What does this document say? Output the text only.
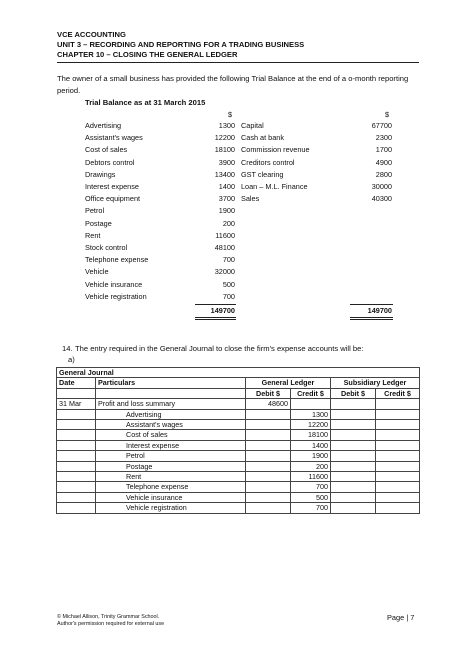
VCE ACCOUNTING
UNIT 3 – RECORDING AND REPORTING FOR A TRADING BUSINESS
CHAPTER 10 – CLOSING THE GENERAL LEDGER
The owner of a small business has provided the following Trial Balance at the end of a o-month reporting period.
Trial Balance as at 31 March 2015
$	$
Advertising	1300
Assistant's wages	12200
Cost of sales	18100
Debtors control	3900
Drawings	13400
Interest expense	1400
Office equipment	3700
Petrol	1900
Postage	200
Rent	11600
Stock control	48100
Telephone expense	700
Vehicle	32000
Vehicle insurance	500
Vehicle registration	700
Capital	67700
Cash at bank	2300
Commission revenue	1700
Creditors control	4900
GST clearing	2800
Loan – M.L. Finance	30000
Sales	40300
149700	149700
14. The entry required in the General Journal to close the firm's expense accounts will be:
a)
General Journal					
Date	Particulars	General Ledger		Subsidiary Ledger	
		Debit $	Credit $	Debit $	Credit $
31 Mar	Profit and loss summary	48600			
	Advertising		1300		
	Assistant's wages		12200		
	Cost of sales		18100		
	Interest expense		1400		
	Petrol		1900		
	Postage		200		
	Rent		11600		
	Telephone expense		700		
	Vehicle insurance		500		
	Vehicle registration		700		
© Michael Allison, Trinity Grammar School.
Author's permission required for external use
Page | 7
